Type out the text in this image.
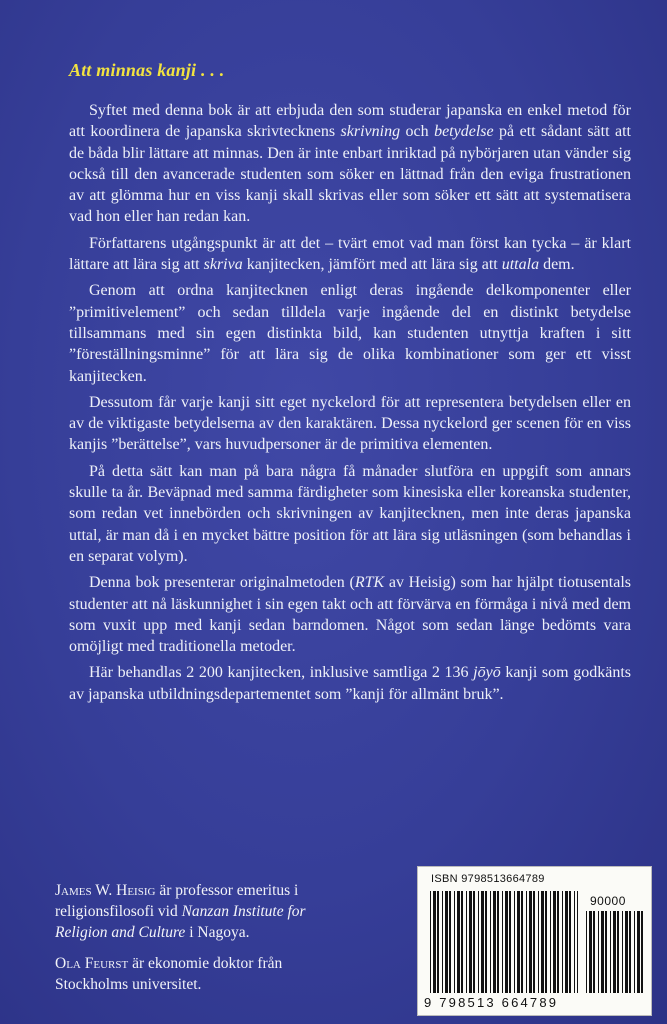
Att minnas kanji . . .

Syftet med denna bok är att erbjuda den som studerar japanska en enkel metod för att koordinera de japanska skrivtecknens skrivning och betydelse på ett sådant sätt att de båda blir lättare att minnas. Den är inte enbart inriktad på nybörjaren utan vänder sig också till den avancerade studenten som söker en lättnad från den eviga frustrationen av att glömma hur en viss kanji skall skrivas eller som söker ett sätt att systematisera vad hon eller han redan kan.

Författarens utgångspunkt är att det – tvärt emot vad man först kan tycka – är klart lättare att lära sig att skriva kanjitecken, jämfört med att lära sig att uttala dem.

Genom att ordna kanjitecknen enligt deras ingående delkomponenter eller ”primitivelement” och sedan tilldela varje ingående del en distinkt betydelse tillsammans med sin egen distinkta bild, kan studenten utnyttja kraften i sitt ”föreställningsminne” för att lära sig de olika kombinationer som ger ett visst kanjitecken.

Dessutom får varje kanji sitt eget nyckelord för att representera betydelsen eller en av de viktigaste betydelserna av den karaktären. Dessa nyckelord ger scenen för en viss kanjis ”berättelse”, vars huvudpersoner är de primitiva elementen.

På detta sätt kan man på bara några få månader slutföra en uppgift som annars skulle ta år. Beväpnad med samma färdigheter som kinesiska eller koreanska studenter, som redan vet innebörden och skrivningen av kanjitecknen, men inte deras japanska uttal, är man då i en mycket bättre position för att lära sig utläsningen (som behandlas i en separat volym).

Denna bok presenterar originalmetoden (RTK av Heisig) som har hjälpt tiotusentals studenter att nå läskunnighet i sin egen takt och att förvärva en förmåga i nivå med dem som vuxit upp med kanji sedan barndomen. Något som sedan länge bedömts vara omöjligt med traditionella metoder.

Här behandlas 2 200 kanjitecken, inklusive samtliga 2 136 jōyō kanji som godkänts av japanska utbildningsdepartementet som ”kanji för allmänt bruk”.

James W. Heisig är professor emeritus i religionsfilosofi vid Nanzan Institute for Religion and Culture i Nagoya.

Ola Feurst är ekonomie doktor från Stockholms universitet.

ISBN 9798513664789
90000
9 798513 664789
